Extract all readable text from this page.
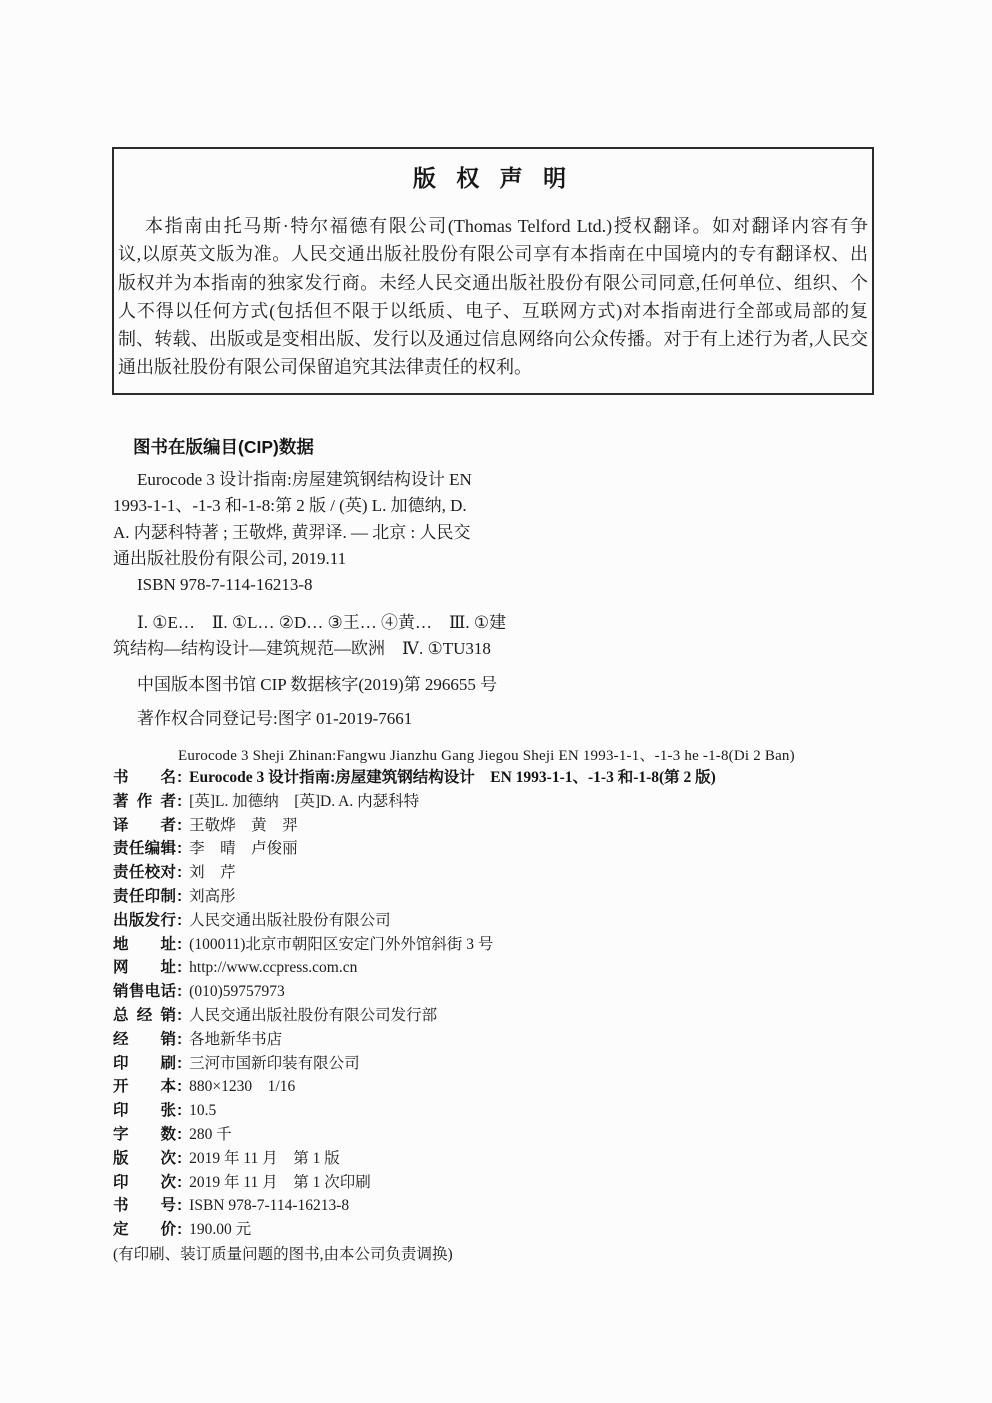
版 权 声 明
本指南由托马斯·特尔福德有限公司(Thomas Telford Ltd.)授权翻译。如对翻译内容有争
议,以原英文版为准。人民交通出版社股份有限公司享有本指南在中国境内的专有翻译权、出
版权并为本指南的独家发行商。未经人民交通出版社股份有限公司同意,任何单位、组织、个
人不得以任何方式(包括但不限于以纸质、电子、互联网方式)对本指南进行全部或局部的复
制、转载、出版或是变相出版、发行以及通过信息网络向公众传播。对于有上述行为者,人民交
通出版社股份有限公司保留追究其法律责任的权利。
图书在版编目(CIP)数据
Eurocode 3 设计指南:房屋建筑钢结构设计 EN
1993-1-1、-1-3 和-1-8:第 2 版 / (英) L. 加德纳, D.
A. 内瑟科特著 ; 王敬烨, 黄羿译. — 北京 : 人民交
通出版社股份有限公司, 2019.11
ISBN 978-7-114-16213-8
Ⅰ. ①E…　Ⅱ. ①L… ②D… ③王… ④黄…　Ⅲ. ①建
筑结构—结构设计—建筑规范—欧洲　Ⅳ. ①TU318
中国版本图书馆 CIP 数据核字(2019)第 296655 号
著作权合同登记号:图字 01-2019-7661
Eurocode 3 Sheji Zhinan:Fangwu Jianzhu Gang Jiegou Sheji EN 1993-1-1、-1-3 he -1-8(Di 2 Ban)
书 名: Eurocode 3 设计指南:房屋建筑钢结构设计　EN 1993-1-1、-1-3 和-1-8(第 2 版)
著 作 者: [英]L. 加德纳　[英]D. A. 内瑟科特
译 者: 王敬烨　黄　羿
责任编辑: 李　晴　卢俊丽
责任校对: 刘　芹
责任印制: 刘高彤
出版发行: 人民交通出版社股份有限公司
地 址: (100011)北京市朝阳区安定门外外馆斜街 3 号
网 址: http://www.ccpress.com.cn
销售电话: (010)59757973
总 经 销: 人民交通出版社股份有限公司发行部
经 销: 各地新华书店
印 刷: 三河市国新印装有限公司
开 本: 880×1230　1/16
印 张: 10.5
字 数: 280 千
版 次: 2019 年 11 月　第 1 版
印 次: 2019 年 11 月　第 1 次印刷
书 号: ISBN 978-7-114-16213-8
定 价: 190.00 元
(有印刷、装订质量问题的图书,由本公司负责调换)
